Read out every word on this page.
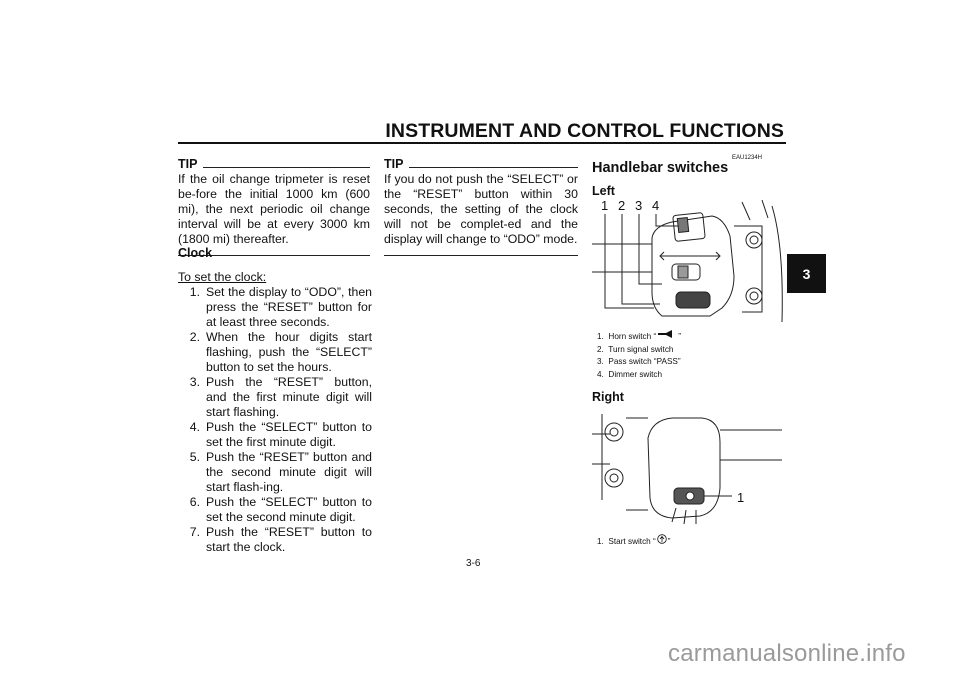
INSTRUMENT AND CONTROL FUNCTIONS
3
TIP
If the oil change tripmeter is reset be-fore the initial 1000 km (600 mi), the next periodic oil change interval will be at every 3000 km (1800 mi) thereafter.
Clock
To set the clock:
1. Set the display to “ODO”, then press the “RESET” button for at least three seconds.
2. When the hour digits start flashing, push the “SELECT” button to set the hours.
3. Push the “RESET” button, and the first minute digit will start flashing.
4. Push the “SELECT” button to set the first minute digit.
5. Push the “RESET” button and the second minute digit will start flash-ing.
6. Push the “SELECT” button to set the second minute digit.
7. Push the “RESET” button to start the clock.
TIP
If you do not push the “SELECT” or the “RESET” button within 30 seconds, the setting of the clock will not be complet-ed and the display will change to “ODO” mode.
EAU1234H
Handlebar switches
Left
1 2 3 4
1. Horn switch “	”
2. Turn signal switch
3. Pass switch “PASS”
4. Dimmer switch
Right
1
1. Start switch “ ”
3-6
carmanualsonline.info
